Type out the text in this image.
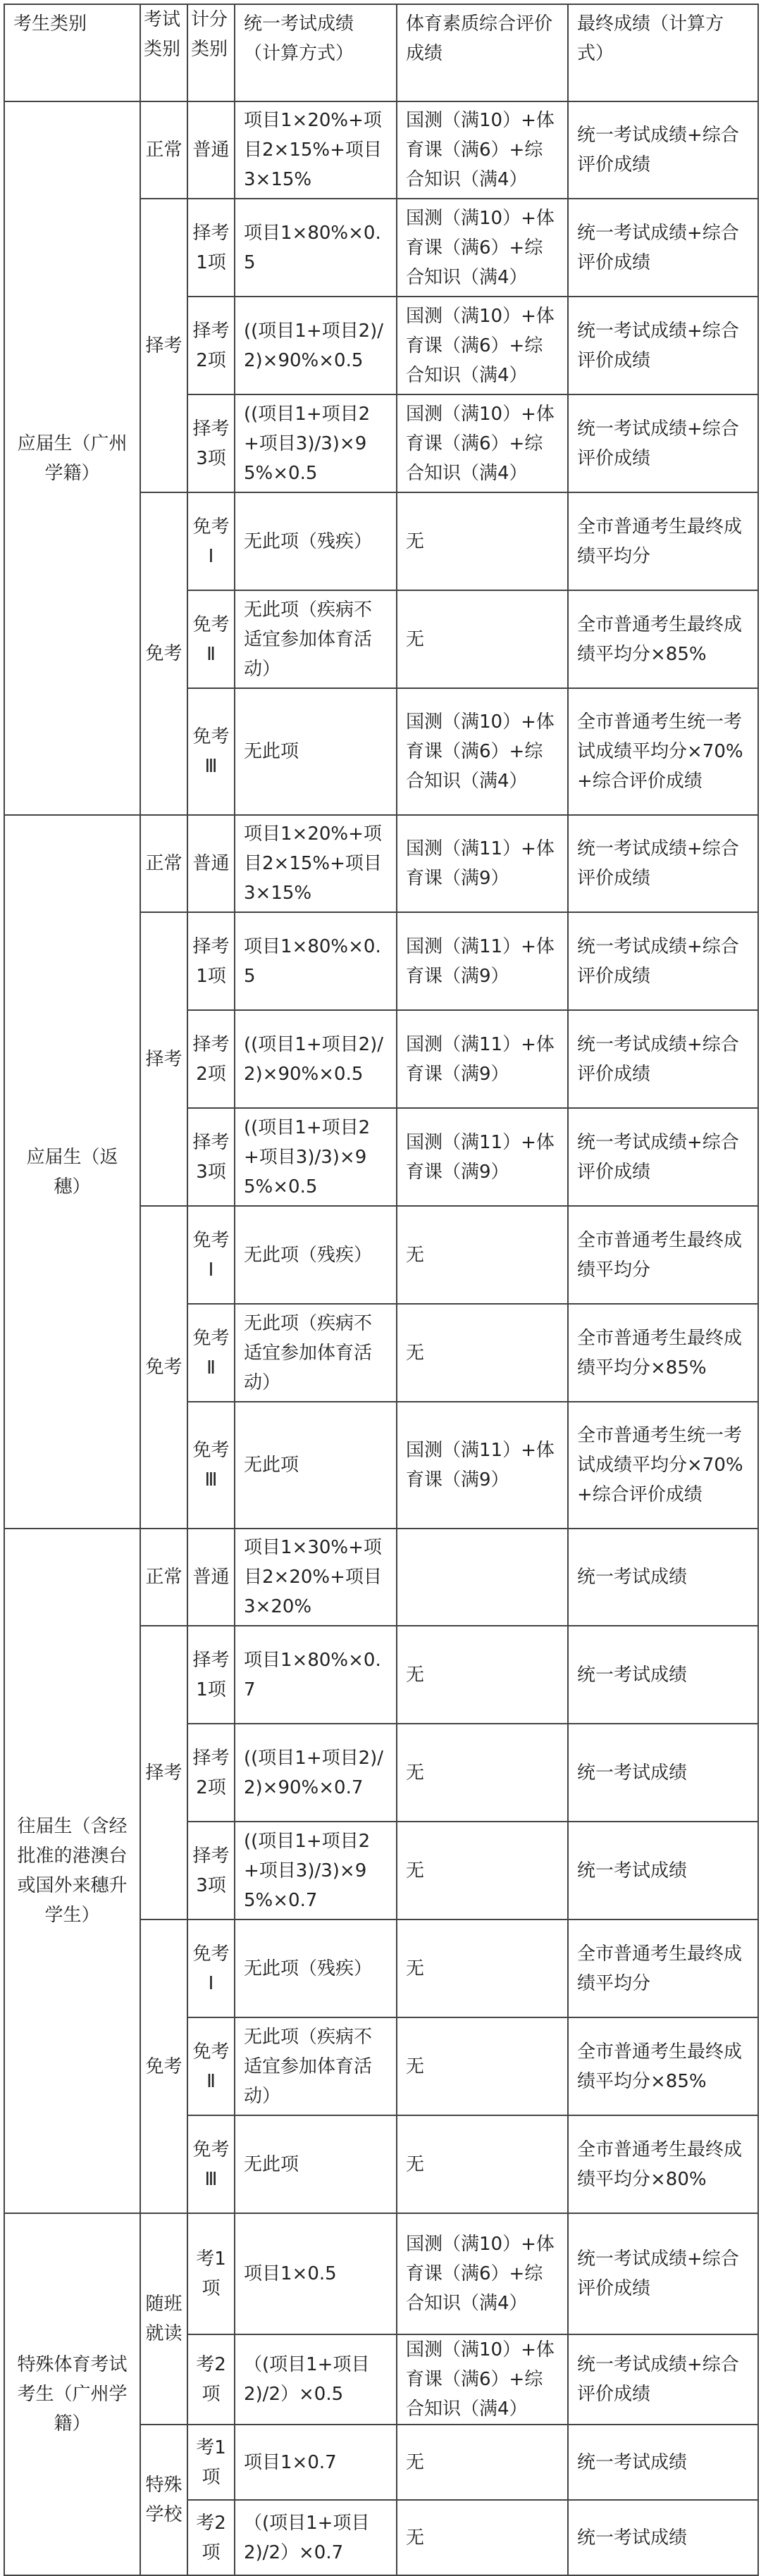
考生类别	考试类别	计分类别	统一考试成绩（计算方式）	体育素质综合评价成绩	最终成绩（计算方式）
应届生（广州学籍）	正常	普通	项目1×20%+项目2×15%+项目3×15%	国测（满10）+体育课（满6）+综合知识（满4）	统一考试成绩+综合评价成绩
	择考	择考1项	项目1×80%×0.5	国测（满10）+体育课（满6）+综合知识（满4）	统一考试成绩+综合评价成绩
		择考2项	((项目1+项目2)/2)×90%×0.5	国测（满10）+体育课（满6）+综合知识（满4）	统一考试成绩+综合评价成绩
		择考3项	((项目1+项目2+项目3)/3)×95%×0.5	国测（满10）+体育课（满6）+综合知识（满4）	统一考试成绩+综合评价成绩
	免考	免考Ⅰ	无此项（残疾）	无	全市普通考生最终成绩平均分
		免考Ⅱ	无此项（疾病不适宜参加体育活动）	无	全市普通考生最终成绩平均分×85%
		免考Ⅲ	无此项	国测（满10）+体育课（满6）+综合知识（满4）	全市普通考生统一考试成绩平均分×70%+综合评价成绩
应届生（返穗）	正常	普通	项目1×20%+项目2×15%+项目3×15%	国测（满11）+体育课（满9）	统一考试成绩+综合评价成绩
	择考	择考1项	项目1×80%×0.5	国测（满11）+体育课（满9）	统一考试成绩+综合评价成绩
		择考2项	((项目1+项目2)/2)×90%×0.5	国测（满11）+体育课（满9）	统一考试成绩+综合评价成绩
		择考3项	((项目1+项目2+项目3)/3)×95%×0.5	国测（满11）+体育课（满9）	统一考试成绩+综合评价成绩
	免考	免考Ⅰ	无此项（残疾）	无	全市普通考生最终成绩平均分
		免考Ⅱ	无此项（疾病不适宜参加体育活动）	无	全市普通考生最终成绩平均分×85%
		免考Ⅲ	无此项	国测（满11）+体育课（满9）	全市普通考生统一考试成绩平均分×70%+综合评价成绩
往届生（含经批准的港澳台或国外来穗升学生）	正常	普通	项目1×30%+项目2×20%+项目3×20%		统一考试成绩
	择考	择考1项	项目1×80%×0.7	无	统一考试成绩
		择考2项	((项目1+项目2)/2)×90%×0.7	无	统一考试成绩
		择考3项	((项目1+项目2+项目3)/3)×95%×0.7	无	统一考试成绩
	免考	免考Ⅰ	无此项（残疾）	无	全市普通考生最终成绩平均分
		免考Ⅱ	无此项（疾病不适宜参加体育活动）	无	全市普通考生最终成绩平均分×85%
		免考Ⅲ	无此项	无	全市普通考生最终成绩平均分×80%
特殊体育考试考生（广州学籍）	随班就读	考1项	项目1×0.5	国测（满10）+体育课（满6）+综合知识（满4）	统一考试成绩+综合评价成绩
		考2项	（(项目1+项目2)/2）×0.5	国测（满10）+体育课（满6）+综合知识（满4）	统一考试成绩+综合评价成绩
	特殊学校	考1项	项目1×0.7	无	统一考试成绩
		考2项	（(项目1+项目2)/2）×0.7	无	统一考试成绩
